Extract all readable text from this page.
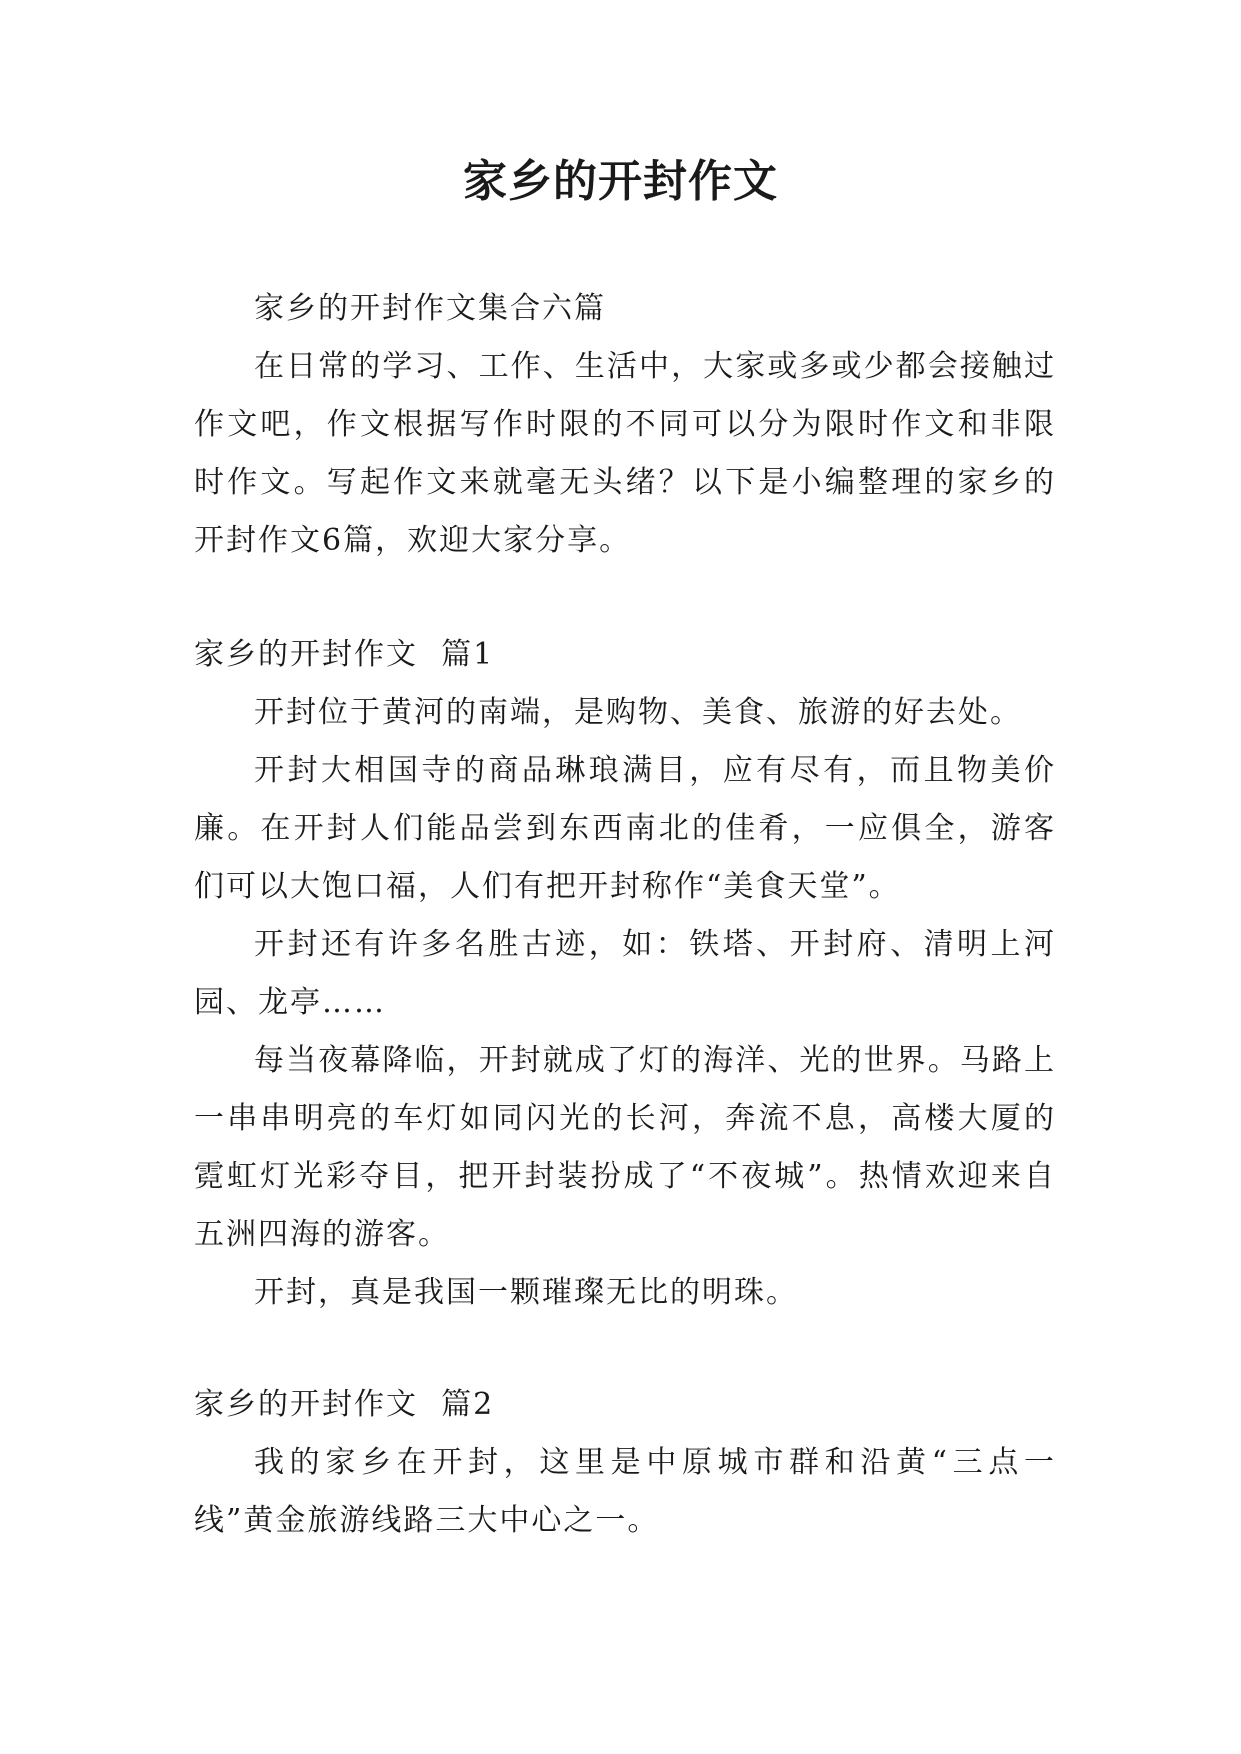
家乡的开封作文

家乡的开封作文集合六篇

在日常的学习、工作、生活中，大家或多或少都会接触过作文吧，作文根据写作时限的不同可以分为限时作文和非限时作文。写起作文来就毫无头绪？以下是小编整理的家乡的开封作文6篇，欢迎大家分享。

家乡的开封作文  篇1

开封位于黄河的南端，是购物、美食、旅游的好去处。

开封大相国寺的商品琳琅满目，应有尽有，而且物美价廉。在开封人们能品尝到东西南北的佳肴，一应俱全，游客们可以大饱口福，人们有把开封称作“美食天堂”。

开封还有许多名胜古迹，如：铁塔、开封府、清明上河园、龙亭……

每当夜幕降临，开封就成了灯的海洋、光的世界。马路上一串串明亮的车灯如同闪光的长河，奔流不息，高楼大厦的霓虹灯光彩夺目，把开封装扮成了“不夜城”。热情欢迎来自五洲四海的游客。

开封，真是我国一颗璀璨无比的明珠。

家乡的开封作文  篇2

我的家乡在开封，这里是中原城市群和沿黄“三点一线”黄金旅游线路三大中心之一。
